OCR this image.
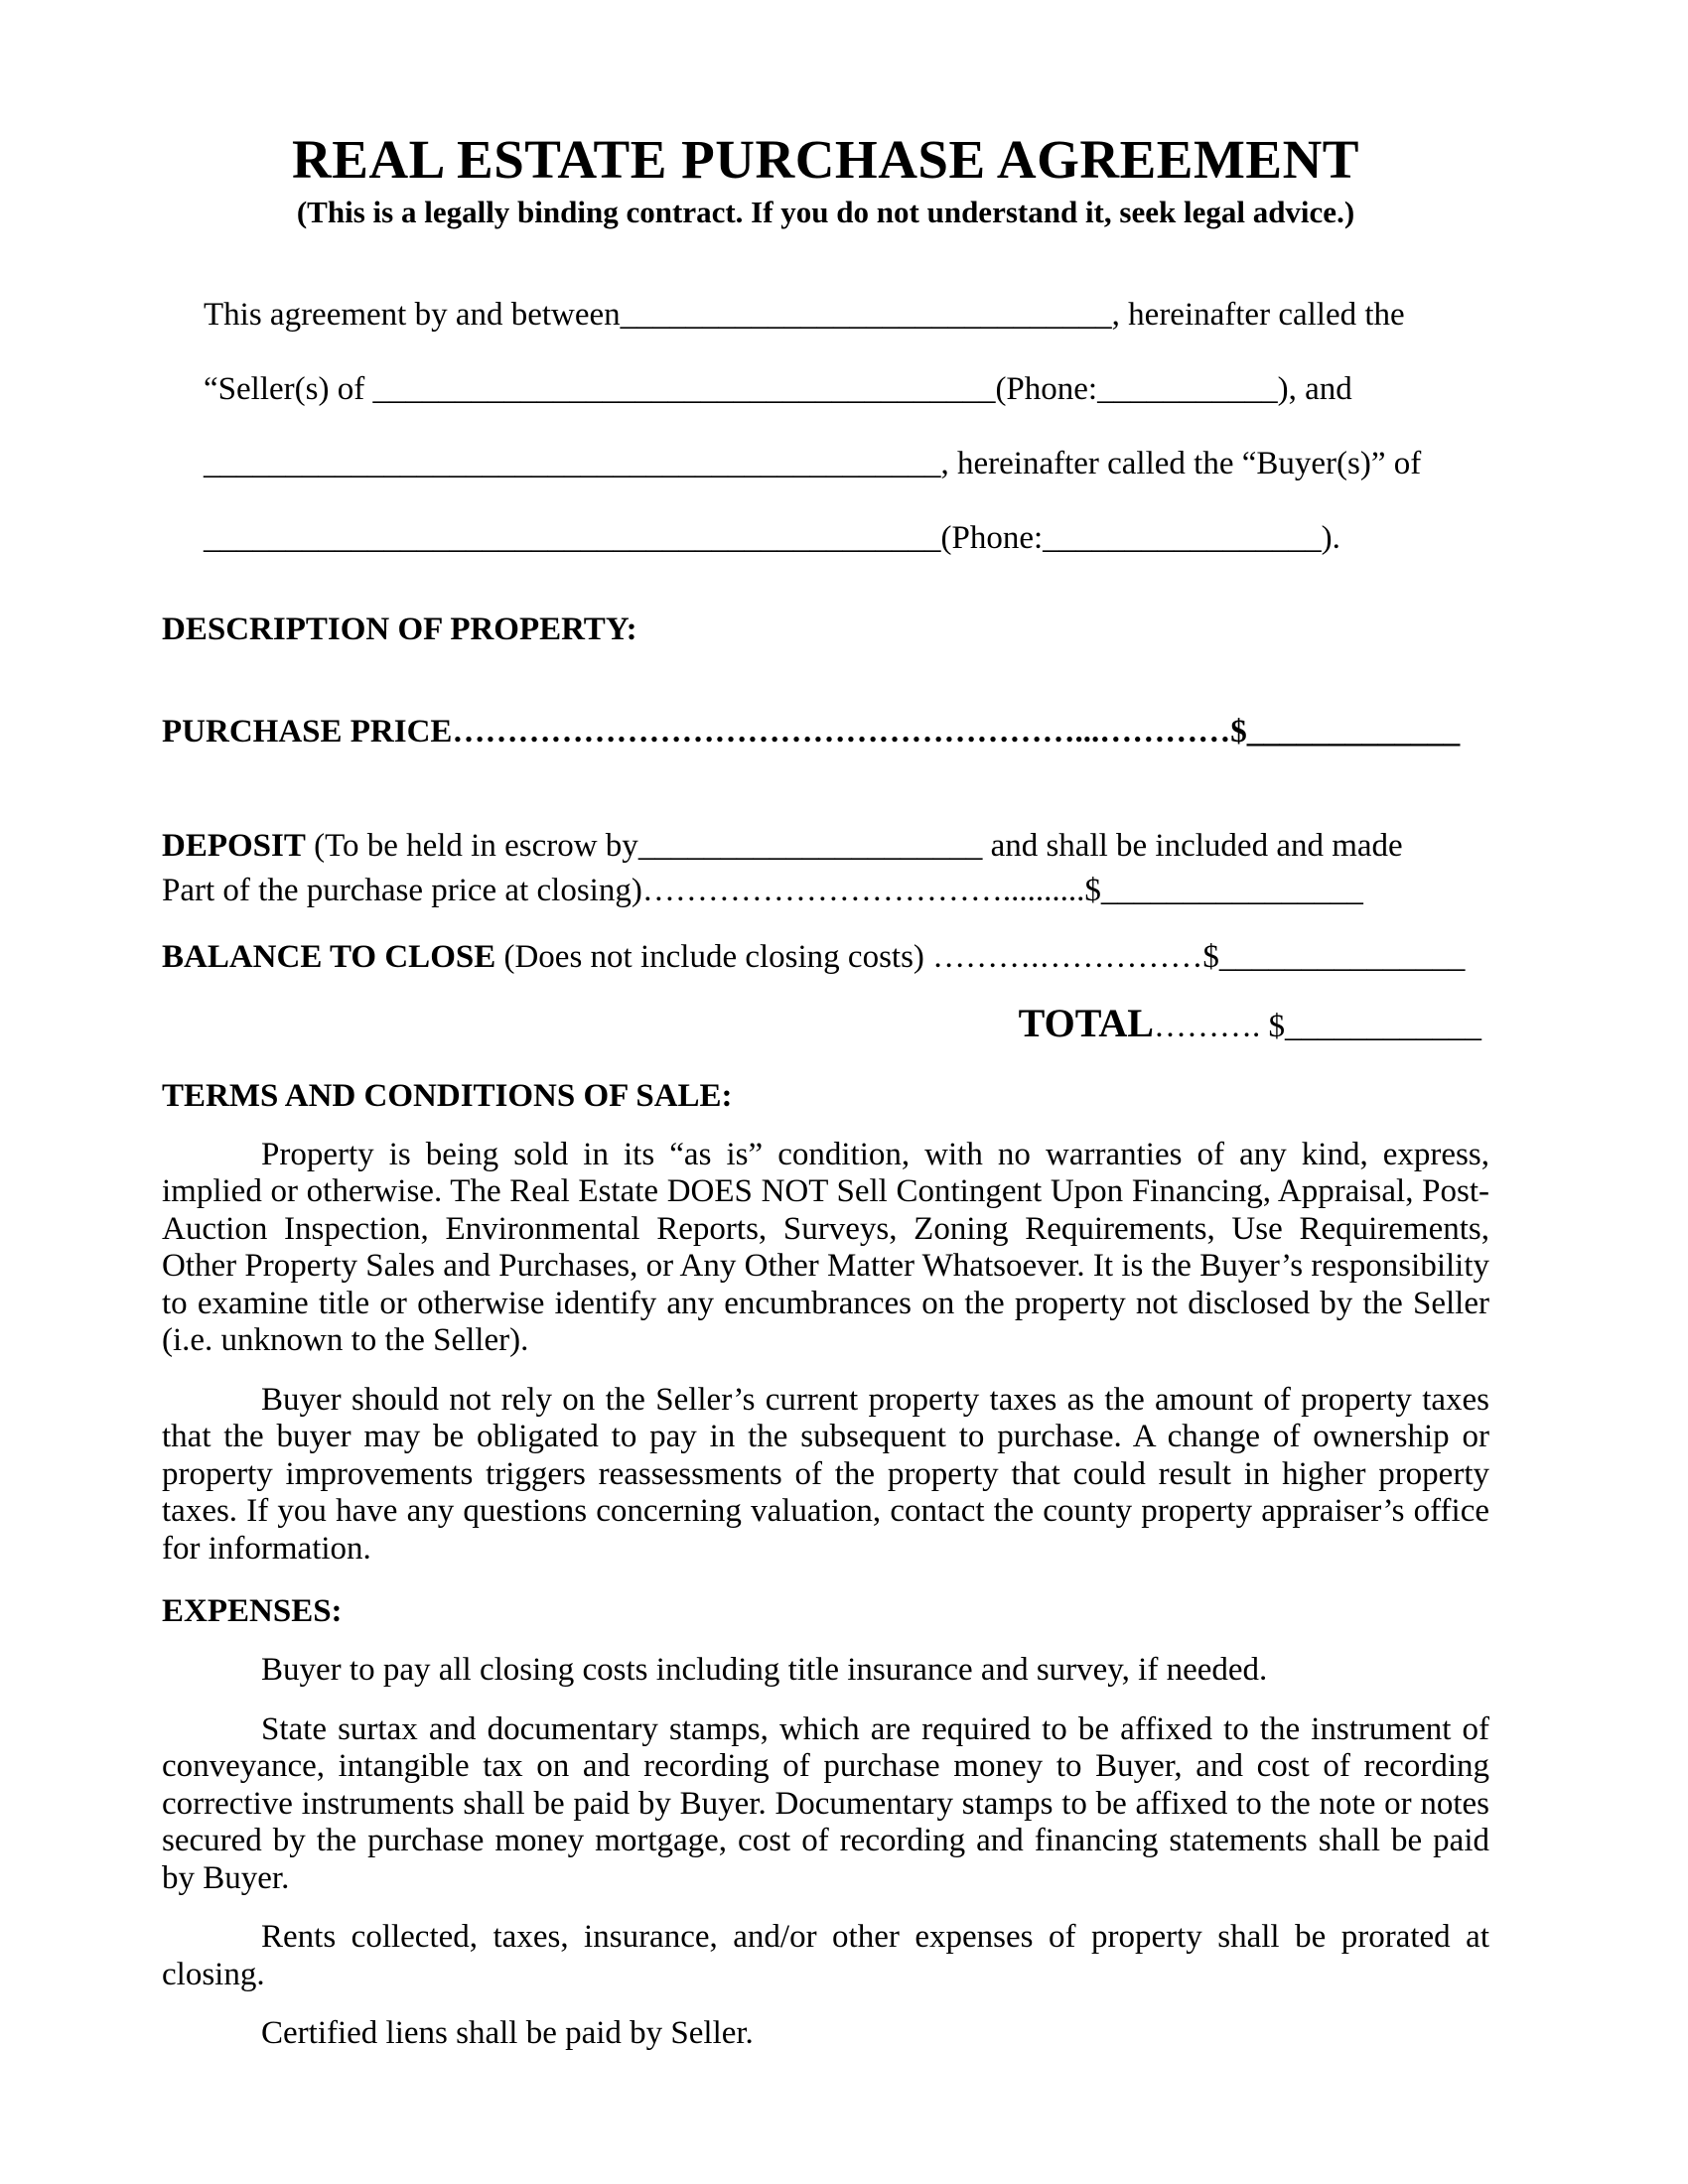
REAL ESTATE PURCHASE AGREEMENT
(This is a legally binding contract. If you do not understand it, seek legal advice.)
This agreement by and between______________________________, hereinafter called the
“Seller(s) of ______________________________________(Phone:___________), and
_____________________________________________, hereinafter called the “Buyer(s)” of
_____________________________________________(Phone:_________________).
DESCRIPTION OF PROPERTY:
PURCHASE PRICE…………………………………………………...…………$_____________
DEPOSIT (To be held in escrow by_____________________ and shall be included and made
Part of the purchase price at closing)……………………………..........$________________
BALANCE TO CLOSE (Does not include closing costs) ……….……………$_______________
TOTAL………. $____________
TERMS AND CONDITIONS OF SALE:

Property is being sold in its “as is” condition, with no warranties of any kind, express, implied or otherwise. The Real Estate DOES NOT Sell Contingent Upon Financing, Appraisal, Post-Auction Inspection, Environmental Reports, Surveys, Zoning Requirements, Use Requirements, Other Property Sales and Purchases, or Any Other Matter Whatsoever. It is the Buyer’s responsibility to examine title or otherwise identify any encumbrances on the property not disclosed by the Seller (i.e. unknown to the Seller).

Buyer should not rely on the Seller’s current property taxes as the amount of property taxes that the buyer may be obligated to pay in the subsequent to purchase. A change of ownership or property improvements triggers reassessments of the property that could result in higher property taxes. If you have any questions concerning valuation, contact the county property appraiser’s office for information.

EXPENSES:

Buyer to pay all closing costs including title insurance and survey, if needed.

State surtax and documentary stamps, which are required to be affixed to the instrument of conveyance, intangible tax on and recording of purchase money to Buyer, and cost of recording corrective instruments shall be paid by Buyer. Documentary stamps to be affixed to the note or notes secured by the purchase money mortgage, cost of recording and financing statements shall be paid by Buyer.

Rents collected, taxes, insurance, and/or other expenses of property shall be prorated at closing.

Certified liens shall be paid by Seller.
